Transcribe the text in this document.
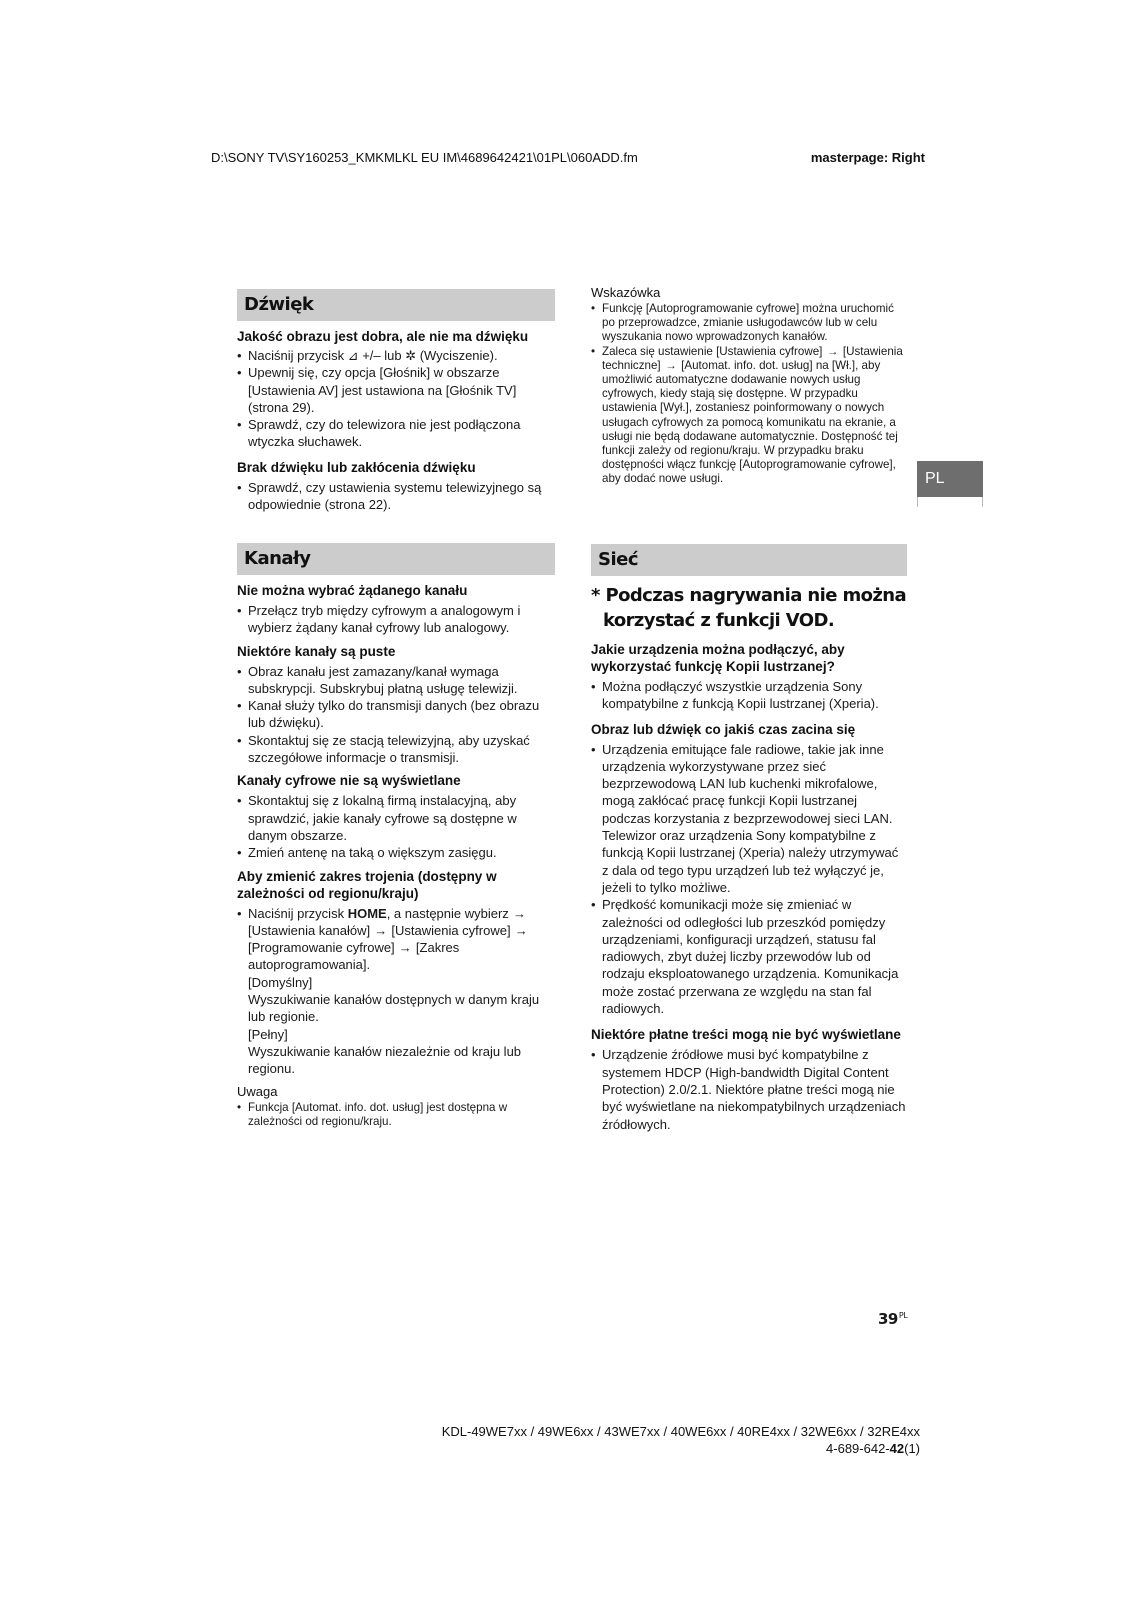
D:\SONY TV\SY160253_KMKMLKL EU IM\4689642421\01PL\060ADD.fm	masterpage: Right
Dźwięk

Jakość obrazu jest dobra, ale nie ma dźwięku

• Naciśnij przycisk ⊿ +/– lub ✲ (Wyciszenie).
• Upewnij się, czy opcja [Głośnik] w obszarze [Ustawienia AV] jest ustawiona na [Głośnik TV] (strona 29).
• Sprawdź, czy do telewizora nie jest podłączona wtyczka słuchawek.

Brak dźwięku lub zakłócenia dźwięku

• Sprawdź, czy ustawienia systemu telewizyjnego są odpowiednie (strona 22).
Kanały

Nie można wybrać żądanego kanału

• Przełącz tryb między cyfrowym a analogowym i wybierz żądany kanał cyfrowy lub analogowy.

Niektóre kanały są puste

• Obraz kanału jest zamazany/kanał wymaga subskrypcji. Subskrybuj płatną usługę telewizji.
• Kanał służy tylko do transmisji danych (bez obrazu lub dźwięku).
• Skontaktuj się ze stacją telewizyjną, aby uzyskać szczegółowe informacje o transmisji.

Kanały cyfrowe nie są wyświetlane

• Skontaktuj się z lokalną firmą instalacyjną, aby sprawdzić, jakie kanały cyfrowe są dostępne w danym obszarze.
• Zmień antenę na taką o większym zasięgu.

Aby zmienić zakres trojenia (dostępny w zależności od regionu/kraju)

• Naciśnij przycisk HOME, a następnie wybierz → [Ustawienia kanałów] → [Ustawienia cyfrowe] → [Programowanie cyfrowe] → [Zakres autoprogramowania].
[Domyślny]
Wyszukiwanie kanałów dostępnych w danym kraju lub regionie.
[Pełny]
Wyszukiwanie kanałów niezależnie od kraju lub regionu.

Uwaga

• Funkcja [Automat. info. dot. usług] jest dostępna w zależności od regionu/kraju.

Wskazówka

• Funkcję [Autoprogramowanie cyfrowe] można uruchomić po przeprowadzce, zmianie usługodawców lub w celu wyszukania nowo wprowadzonych kanałów.
• Zaleca się ustawienie [Ustawienia cyfrowe] → [Ustawienia techniczne] → [Automat. info. dot. usług] na [Wł.], aby umożliwić automatyczne dodawanie nowych usług cyfrowych, kiedy stają się dostępne. W przypadku ustawienia [Wył.], zostaniesz poinformowany o nowych usługach cyfrowych za pomocą komunikatu na ekranie, a usługi nie będą dodawane automatycznie. Dostępność tej funkcji zależy od regionu/kraju. W przypadku braku dostępności włącz funkcję [Autoprogramowanie cyfrowe], aby dodać nowe usługi.
Sieć
* Podczas nagrywania nie można korzystać z funkcji VOD.

Jakie urządzenia można podłączyć, aby wykorzystać funkcję Kopii lustrzanej?

• Można podłączyć wszystkie urządzenia Sony kompatybilne z funkcją Kopii lustrzanej (Xperia).

Obraz lub dźwięk co jakiś czas zacina się

• Urządzenia emitujące fale radiowe, takie jak inne urządzenia wykorzystywane przez sieć bezprzewodową LAN lub kuchenki mikrofalowe, mogą zakłócać pracę funkcji Kopii lustrzanej podczas korzystania z bezprzewodowej sieci LAN. Telewizor oraz urządzenia Sony kompatybilne z funkcją Kopii lustrzanej (Xperia) należy utrzymywać z dala od tego typu urządzeń lub też wyłączyć je, jeżeli to tylko możliwe.
• Prędkość komunikacji może się zmieniać w zależności od odległości lub przeszkód pomiędzy urządzeniami, konfiguracji urządzeń, statusu fal radiowych, zbyt dużej liczby przewodów lub od rodzaju eksploatowanego urządzenia. Komunikacja może zostać przerwana ze względu na stan fal radiowych.

Niektóre płatne treści mogą nie być wyświetlane

• Urządzenie źródłowe musi być kompatybilne z systemem HDCP (High-bandwidth Digital Content Protection) 2.0/2.1. Niektóre płatne treści mogą nie być wyświetlane na niekompatybilnych urządzeniach źródłowych.
PL
$39^{PL}$
KDL-49WE7xx / 49WE6xx / 43WE7xx / 40WE6xx / 40RE4xx / 32WE6xx / 32RE4xx
4-689-642-42(1)
